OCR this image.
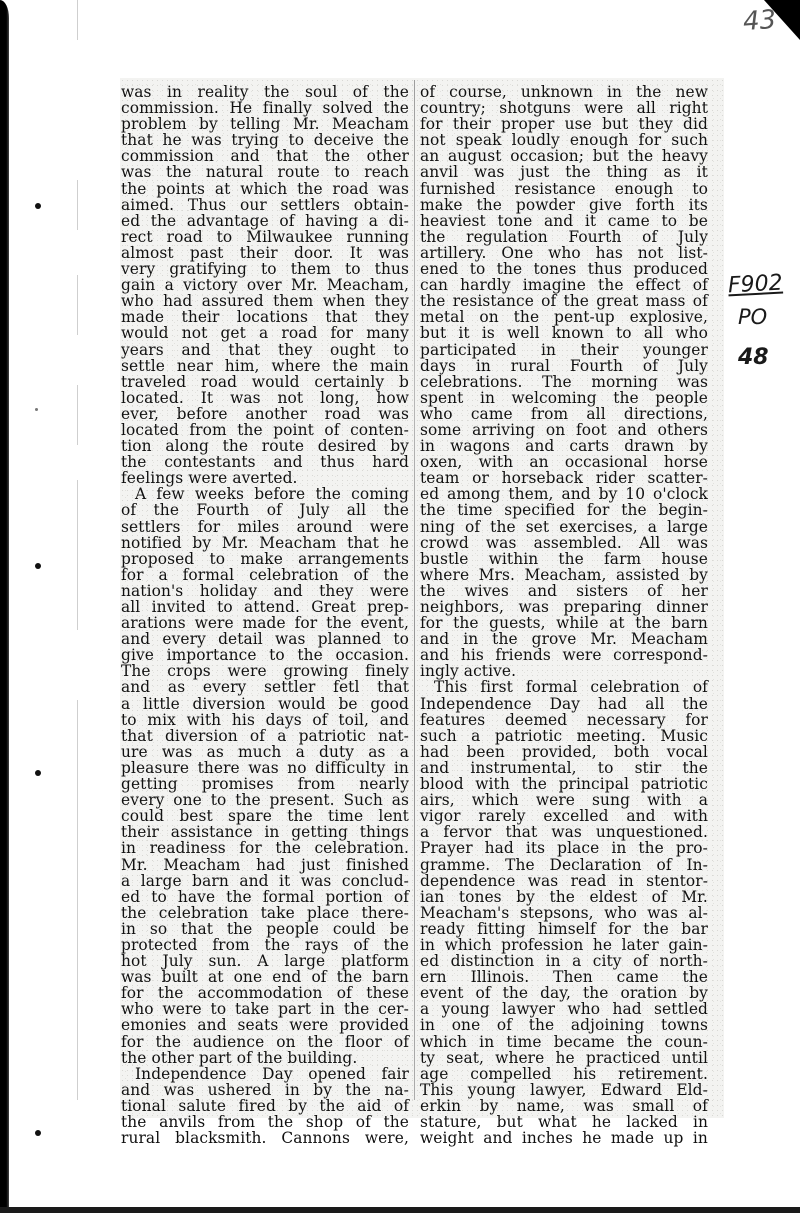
was in reality the soul of the
commission. He finally solved the
problem by telling Mr. Meacham
that he was trying to deceive the
commission and that the other
was the natural route to reach
the points at which the road was
aimed. Thus our settlers obtain-
ed the advantage of having a di-
rect road to Milwaukee running
almost past their door. It was
very gratifying to them to thus
gain a victory over Mr. Meacham,
who had assured them when they
made their locations that they
would not get a road for many
years and that they ought to
settle near him, where the main
traveled road would certainly b
located. It was not long, how
ever, before another road was
located from the point of conten-
tion along the route desired by
the contestants and thus hard
feelings were averted.
A few weeks before the coming
of the Fourth of July all the
settlers for miles around were
notified by Mr. Meacham that he
proposed to make arrangements
for a formal celebration of the
nation's holiday and they were
all invited to attend. Great prep-
arations were made for the event,
and every detail was planned to
give importance to the occasion.
The crops were growing finely
and as every settler fetl that
a little diversion would be good
to mix with his days of toil, and
that diversion of a patriotic nat-
ure was as much a duty as a
pleasure there was no difficulty in
getting promises from nearly
every one to the present. Such as
could best spare the time lent
their assistance in getting things
in readiness for the celebration.
Mr. Meacham had just finished
a large barn and it was conclud-
ed to have the formal portion of
the celebration take place there-
in so that the people could be
protected from the rays of the
hot July sun. A large platform
was built at one end of the barn
for the accommodation of these
who were to take part in the cer-
emonies and seats were provided
for the audience on the floor of
the other part of the building.
Independence Day opened fair
and was ushered in by the na-
tional salute fired by the aid of
the anvils from the shop of the
rural blacksmith. Cannons were,
of course, unknown in the new
country; shotguns were all right
for their proper use but they did
not speak loudly enough for such
an august occasion; but the heavy
anvil was just the thing as it
furnished resistance enough to
make the powder give forth its
heaviest tone and it came to be
the regulation Fourth of July
artillery. One who has not list-
ened to the tones thus produced
can hardly imagine the effect of
the resistance of the great mass of
metal on the pent-up explosive,
but it is well known to all who
participated in their younger
days in rural Fourth of July
celebrations. The morning was
spent in welcoming the people
who came from all directions,
some arriving on foot and others
in wagons and carts drawn by
oxen, with an occasional horse
team or horseback rider scatter-
ed among them, and by 10 o'clock
the time specified for the begin-
ning of the set exercises, a large
crowd was assembled. All was
bustle within the farm house
where Mrs. Meacham, assisted by
the wives and sisters of her
neighbors, was preparing dinner
for the guests, while at the barn
and in the grove Mr. Meacham
and his friends were correspond-
ingly active.
This first formal celebration of
Independence Day had all the
features deemed necessary for
such a patriotic meeting. Music
had been provided, both vocal
and instrumental, to stir the
blood with the principal patriotic
airs, which were sung with a
vigor rarely excelled and with
a fervor that was unquestioned.
Prayer had its place in the pro-
gramme. The Declaration of In-
dependence was read in stentor-
ian tones by the eldest of Mr.
Meacham's stepsons, who was al-
ready fitting himself for the bar
in which profession he later gain-
ed distinction in a city of north-
ern Illinois. Then came the
event of the day, the oration by
a young lawyer who had settled
in one of the adjoining towns
which in time became the coun-
ty seat, where he practiced until
age compelled his retirement.
This young lawyer, Edward Eld-
erkin by name, was small of
stature, but what he lacked in
weight and inches he made up in
43
F902
PO
48
